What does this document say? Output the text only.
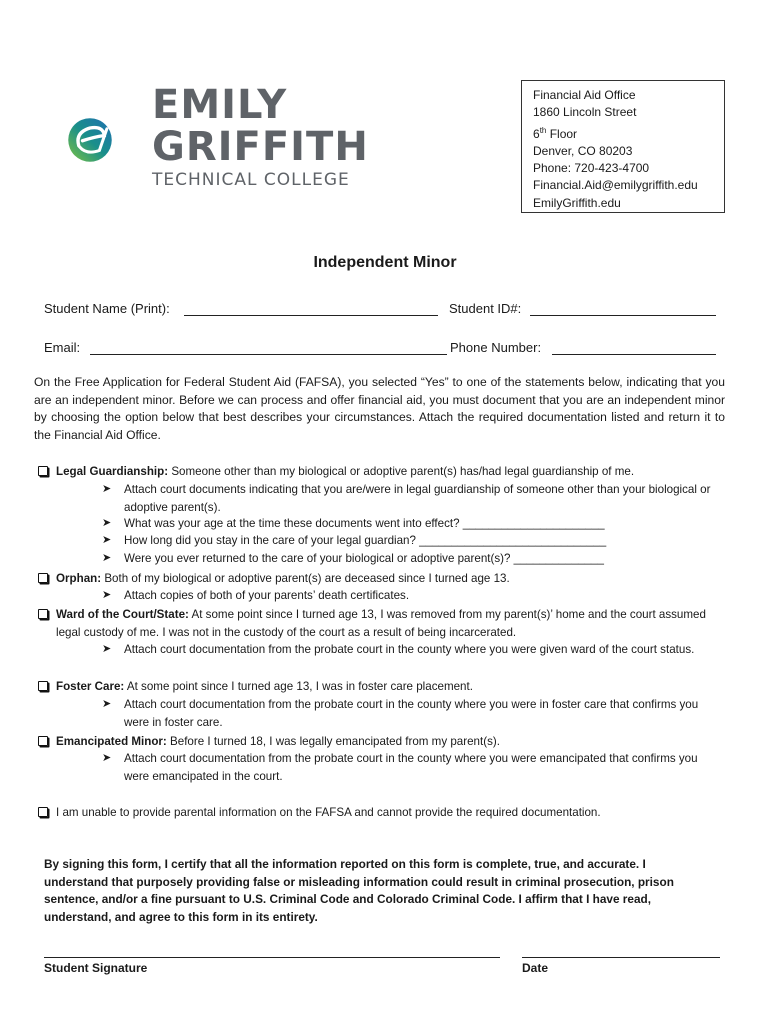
EMILY
GRIFFITH
TECHNICAL COLLEGE
Financial Aid Office
1860 Lincoln Street
6th Floor
Denver, CO 80203
Phone: 720-423-4700
Financial.Aid@emilygriffith.edu
EmilyGriffith.edu
Independent Minor
Student Name (Print):	Student ID#:
Email:	Phone Number:
On the Free Application for Federal Student Aid (FAFSA), you selected “Yes” to one of the statements below, indicating that you are an independent minor. Before we can process and offer financial aid, you must document that you are an independent minor by choosing the option below that best describes your circumstances. Attach the required documentation listed and return it to the Financial Aid Office.
Legal Guardianship: Someone other than my biological or adoptive parent(s) has/had legal guardianship of me.
➤ Attach court documents indicating that you are/were in legal guardianship of someone other than your biological or adoptive parent(s).
➤ What was your age at the time these documents went into effect? ______________________
➤ How long did you stay in the care of your legal guardian? _____________________________
➤ Were you ever returned to the care of your biological or adoptive parent(s)? ______________
Orphan: Both of my biological or adoptive parent(s) are deceased since I turned age 13.
➤ Attach copies of both of your parents’ death certificates.
Ward of the Court/State: At some point since I turned age 13, I was removed from my parent(s)’ home and the court assumed legal custody of me. I was not in the custody of the court as a result of being incarcerated.
➤ Attach court documentation from the probate court in the county where you were given ward of the court status.
Foster Care: At some point since I turned age 13, I was in foster care placement.
➤ Attach court documentation from the probate court in the county where you were in foster care that confirms you were in foster care.
Emancipated Minor: Before I turned 18, I was legally emancipated from my parent(s).
➤ Attach court documentation from the probate court in the county where you were emancipated that confirms you were emancipated in the court.
I am unable to provide parental information on the FAFSA and cannot provide the required documentation.
By signing this form, I certify that all the information reported on this form is complete, true, and accurate. I understand that purposely providing false or misleading information could result in criminal prosecution, prison sentence, and/or a fine pursuant to U.S. Criminal Code and Colorado Criminal Code. I affirm that I have read, understand, and agree to this form in its entirety.
Student Signature	Date
